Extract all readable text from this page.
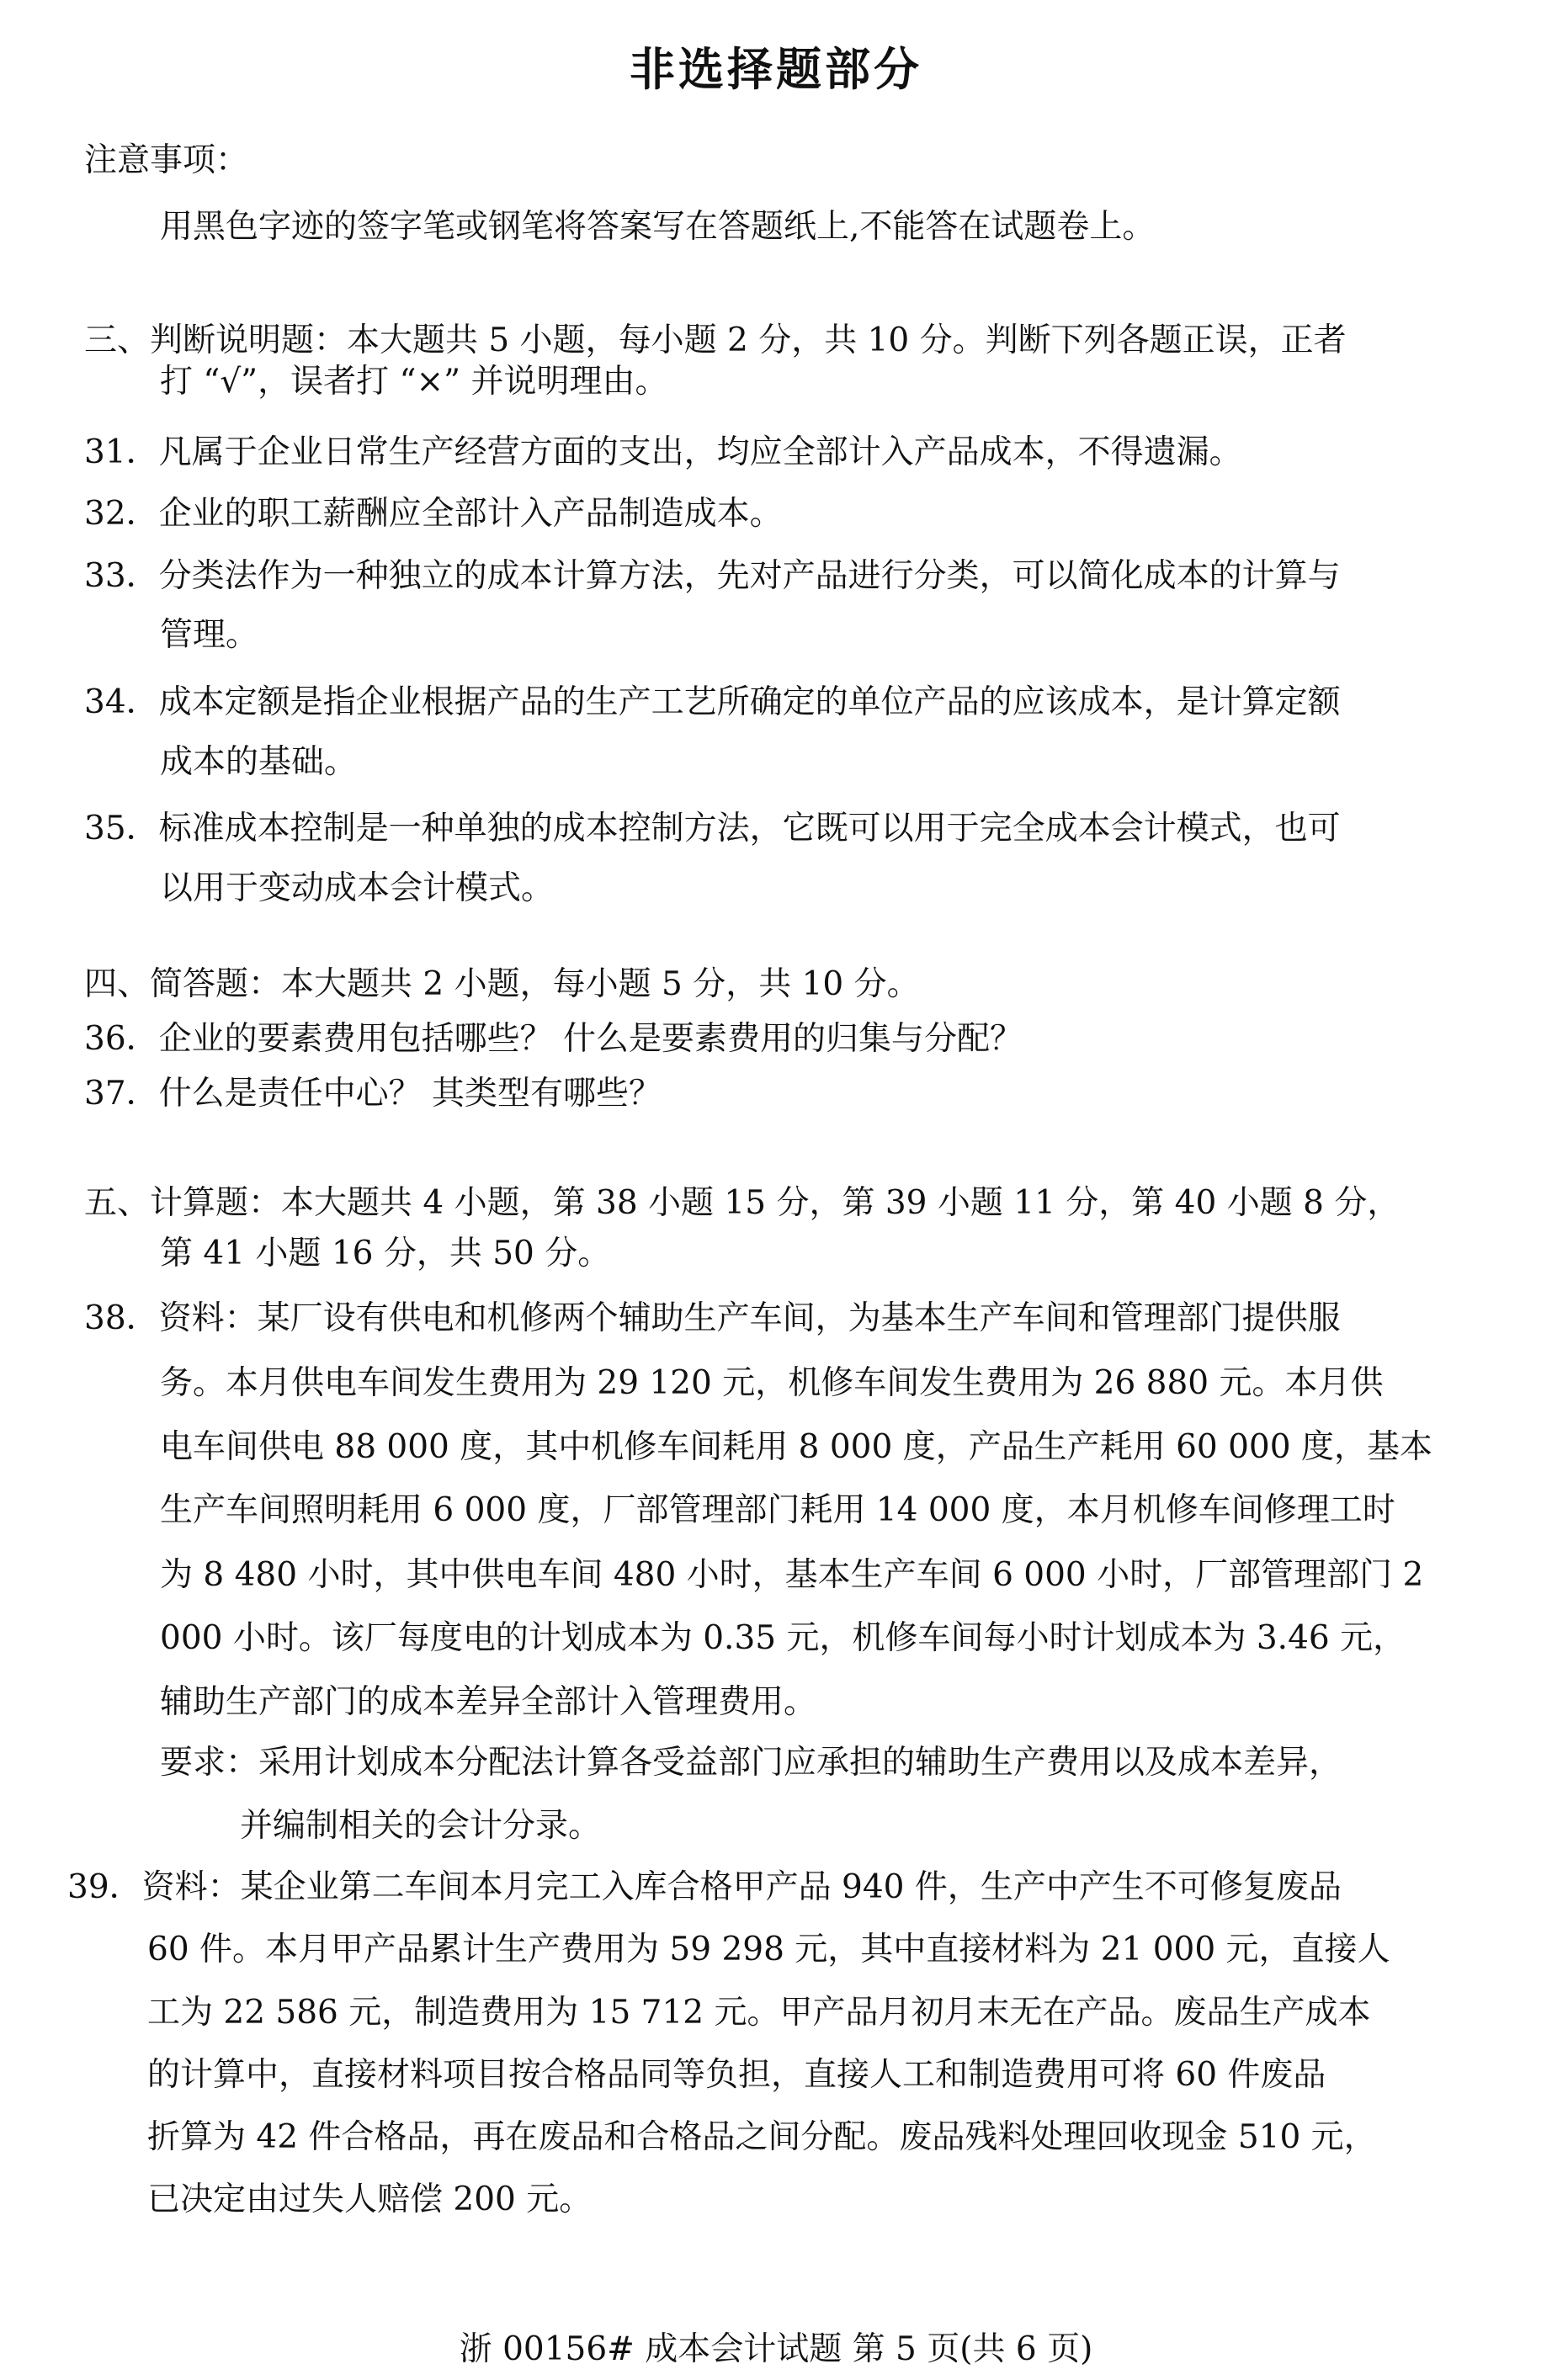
非选择题部分
注意事项：
用黑色字迹的签字笔或钢笔将答案写在答题纸上,不能答在试题卷上。
三、判断说明题：本大题共 5 小题，每小题 2 分，共 10 分。判断下列各题正误，正者
打 “√”，误者打 “×” 并说明理由。
31．凡属于企业日常生产经营方面的支出，均应全部计入产品成本，不得遗漏。
32．企业的职工薪酬应全部计入产品制造成本。
33．分类法作为一种独立的成本计算方法，先对产品进行分类，可以简化成本的计算与
管理。
34．成本定额是指企业根据产品的生产工艺所确定的单位产品的应该成本，是计算定额
成本的基础。
35．标准成本控制是一种单独的成本控制方法，它既可以用于完全成本会计模式，也可
以用于变动成本会计模式。
四、简答题：本大题共 2 小题，每小题 5 分，共 10 分。
36．企业的要素费用包括哪些？ 什么是要素费用的归集与分配？
37．什么是责任中心？ 其类型有哪些？
五、计算题：本大题共 4 小题，第 38 小题 15 分，第 39 小题 11 分，第 40 小题 8 分，
第 41 小题 16 分，共 50 分。
38．资料：某厂设有供电和机修两个辅助生产车间，为基本生产车间和管理部门提供服
务。本月供电车间发生费用为 29 120 元，机修车间发生费用为 26 880 元。本月供
电车间供电 88 000 度，其中机修车间耗用 8 000 度，产品生产耗用 60 000 度，基本
生产车间照明耗用 6 000 度，厂部管理部门耗用 14 000 度，本月机修车间修理工时
为 8 480 小时，其中供电车间 480 小时，基本生产车间 6 000 小时，厂部管理部门 2
000 小时。该厂每度电的计划成本为 0.35 元，机修车间每小时计划成本为 3.46 元，
辅助生产部门的成本差异全部计入管理费用。
要求：采用计划成本分配法计算各受益部门应承担的辅助生产费用以及成本差异，
并编制相关的会计分录。
39．资料：某企业第二车间本月完工入库合格甲产品 940 件，生产中产生不可修复废品
60 件。本月甲产品累计生产费用为 59 298 元，其中直接材料为 21 000 元，直接人
工为 22 586 元，制造费用为 15 712 元。甲产品月初月末无在产品。废品生产成本
的计算中，直接材料项目按合格品同等负担，直接人工和制造费用可将 60 件废品
折算为 42 件合格品，再在废品和合格品之间分配。废品残料处理回收现金 510 元，
已决定由过失人赔偿 200 元。
浙 00156# 成本会计试题 第 5 页(共 6 页)
